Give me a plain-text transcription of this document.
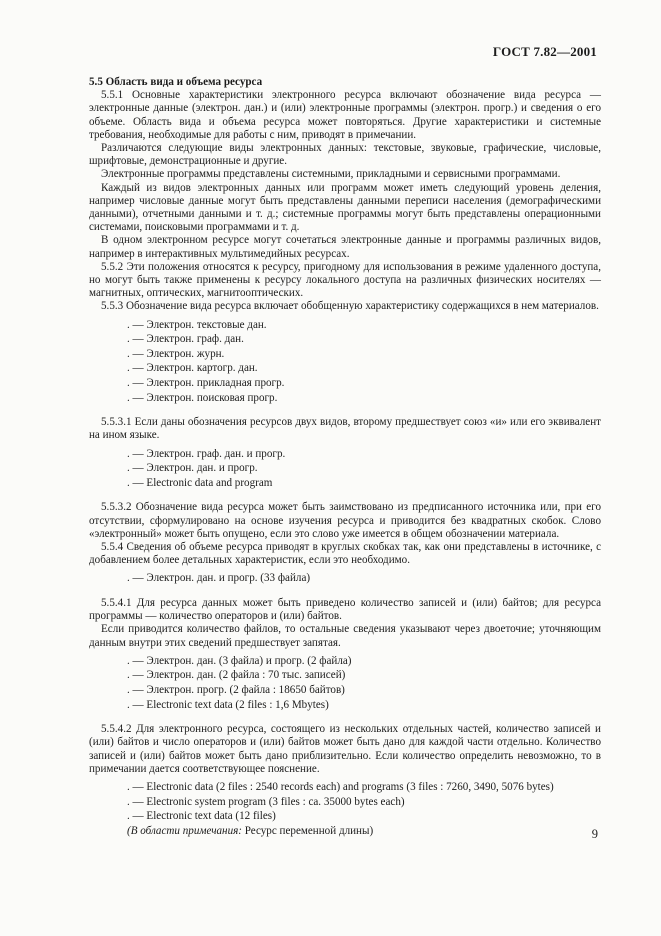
ГОСТ 7.82—2001

5.5 Область вида и объема ресурса

5.5.1 Основные характеристики электронного ресурса включают обозначение вида ресурса — электронные данные (электрон. дан.) и (или) электронные программы (электрон. прогр.) и сведения о его объеме. Область вида и объема ресурса может повторяться. Другие характеристики и системные требования, необходимые для работы с ним, приводят в примечании.

Различаются следующие виды электронных данных: текстовые, звуковые, графические, числовые, шрифтовые, демонстрационные и другие.

Электронные программы представлены системными, прикладными и сервисными программами.

Каждый из видов электронных данных или программ может иметь следующий уровень деления, например числовые данные могут быть представлены данными переписи населения (демографическими данными), отчетными данными и т. д.; системные программы могут быть представлены операционными системами, поисковыми программами и т. д.

В одном электронном ресурсе могут сочетаться электронные данные и программы различных видов, например в интерактивных мультимедийных ресурсах.

5.5.2 Эти положения относятся к ресурсу, пригодному для использования в режиме удаленного доступа, но могут быть также применены к ресурсу локального доступа на различных физических носителях — магнитных, оптических, магнитооптических.

5.5.3 Обозначение вида ресурса включает обобщенную характеристику содержащихся в нем материалов.

. — Электрон. текстовые дан.
. — Электрон. граф. дан.
. — Электрон. журн.
. — Электрон. картогр. дан.
. — Электрон. прикладная прогр.
. — Электрон. поисковая прогр.

5.5.3.1 Если даны обозначения ресурсов двух видов, второму предшествует союз «и» или его эквивалент на ином языке.

. — Электрон. граф. дан. и прогр.
. — Электрон. дан. и прогр.
. — Electronic data and program

5.5.3.2 Обозначение вида ресурса может быть заимствовано из предписанного источника или, при его отсутствии, сформулировано на основе изучения ресурса и приводится без квадратных скобок. Слово «электронный» может быть опущено, если это слово уже имеется в общем обозначении материала.

5.5.4 Сведения об объеме ресурса приводят в круглых скобках так, как они представлены в источнике, с добавлением более детальных характеристик, если это необходимо.

. — Электрон. дан. и прогр. (33 файла)

5.5.4.1 Для ресурса данных может быть приведено количество записей и (или) байтов; для ресурса программы — количество операторов и (или) байтов.

Если приводится количество файлов, то остальные сведения указывают через двоеточие; уточняющим данным внутри этих сведений предшествует запятая.

. — Электрон. дан. (3 файла) и прогр. (2 файла)
. — Электрон. дан. (2 файла : 70 тыс. записей)
. — Электрон. прогр. (2 файла : 18650 байтов)
. — Electronic text data (2 files : 1,6 Mbytes)

5.5.4.2 Для электронного ресурса, состоящего из нескольких отдельных частей, количество записей и (или) байтов и число операторов и (или) байтов может быть дано для каждой части отдельно. Количество записей и (или) байтов может быть дано приблизительно. Если количество определить невозможно, то в примечании дается соответствующее пояснение.

. — Electronic data (2 files : 2540 records each) and programs (3 files : 7260, 3490, 5076 bytes)
. — Electronic system program (3 files : ca. 35000 bytes each)
. — Electronic text data (12 files)
(В области примечания: Ресурс переменной длины)	9
